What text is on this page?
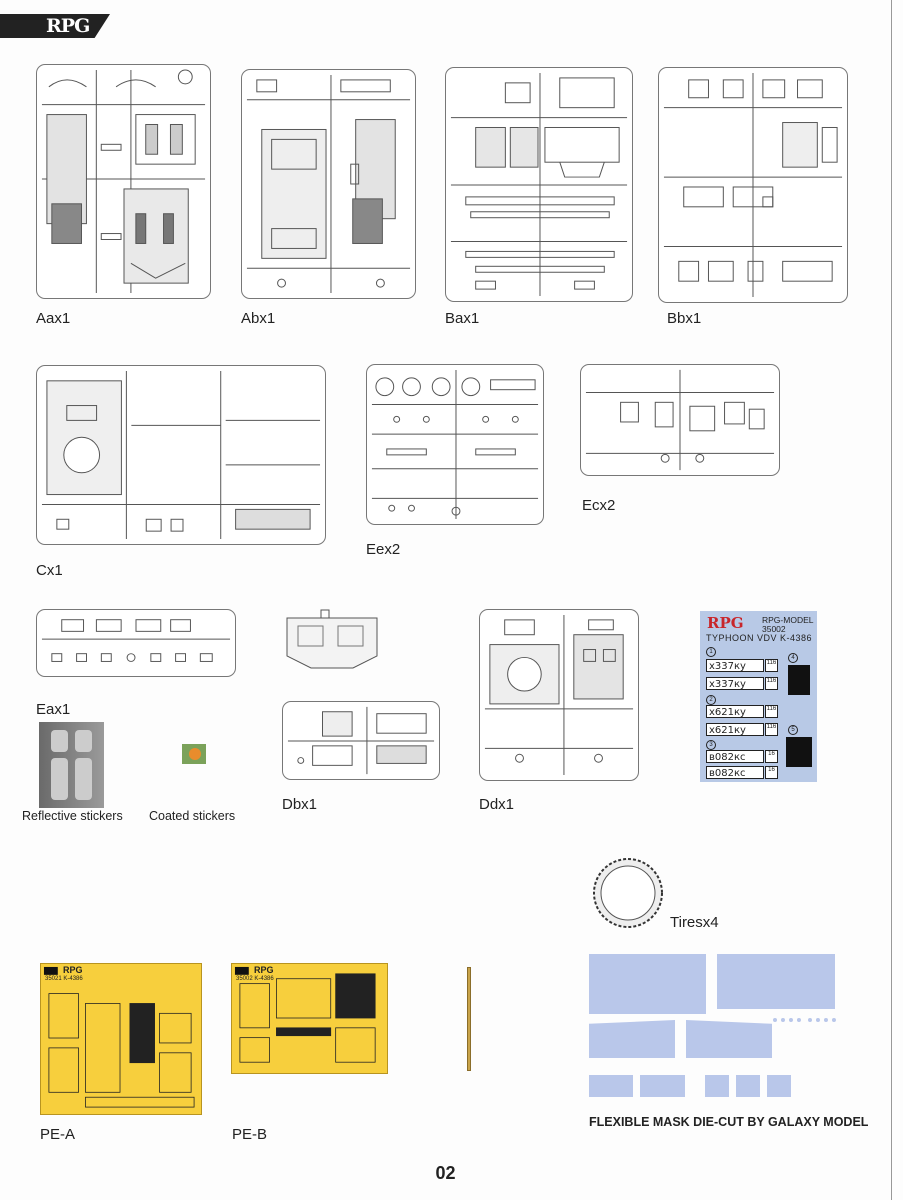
RPG
Aax1	Abx1	Bax1	Bbx1
Cx1
Eex2
Ecx2
Eax1
Dbx1	Ddx1
RPG RPG-MODEL
35002
TYPHOON VDV K-4386
1
x337ку	116
x337ку	116
2
x621ку	116
x621ку	116
3
в082кс	16
в082кс	16
4
5
Reflective stickers Coated stickers
Tiresx4
RPG
35021 K-4386
PE-A
RPG
35002 K-4386
PE-B
FLEXIBLE MASK DIE-CUT BY GALAXY MODEL
02
